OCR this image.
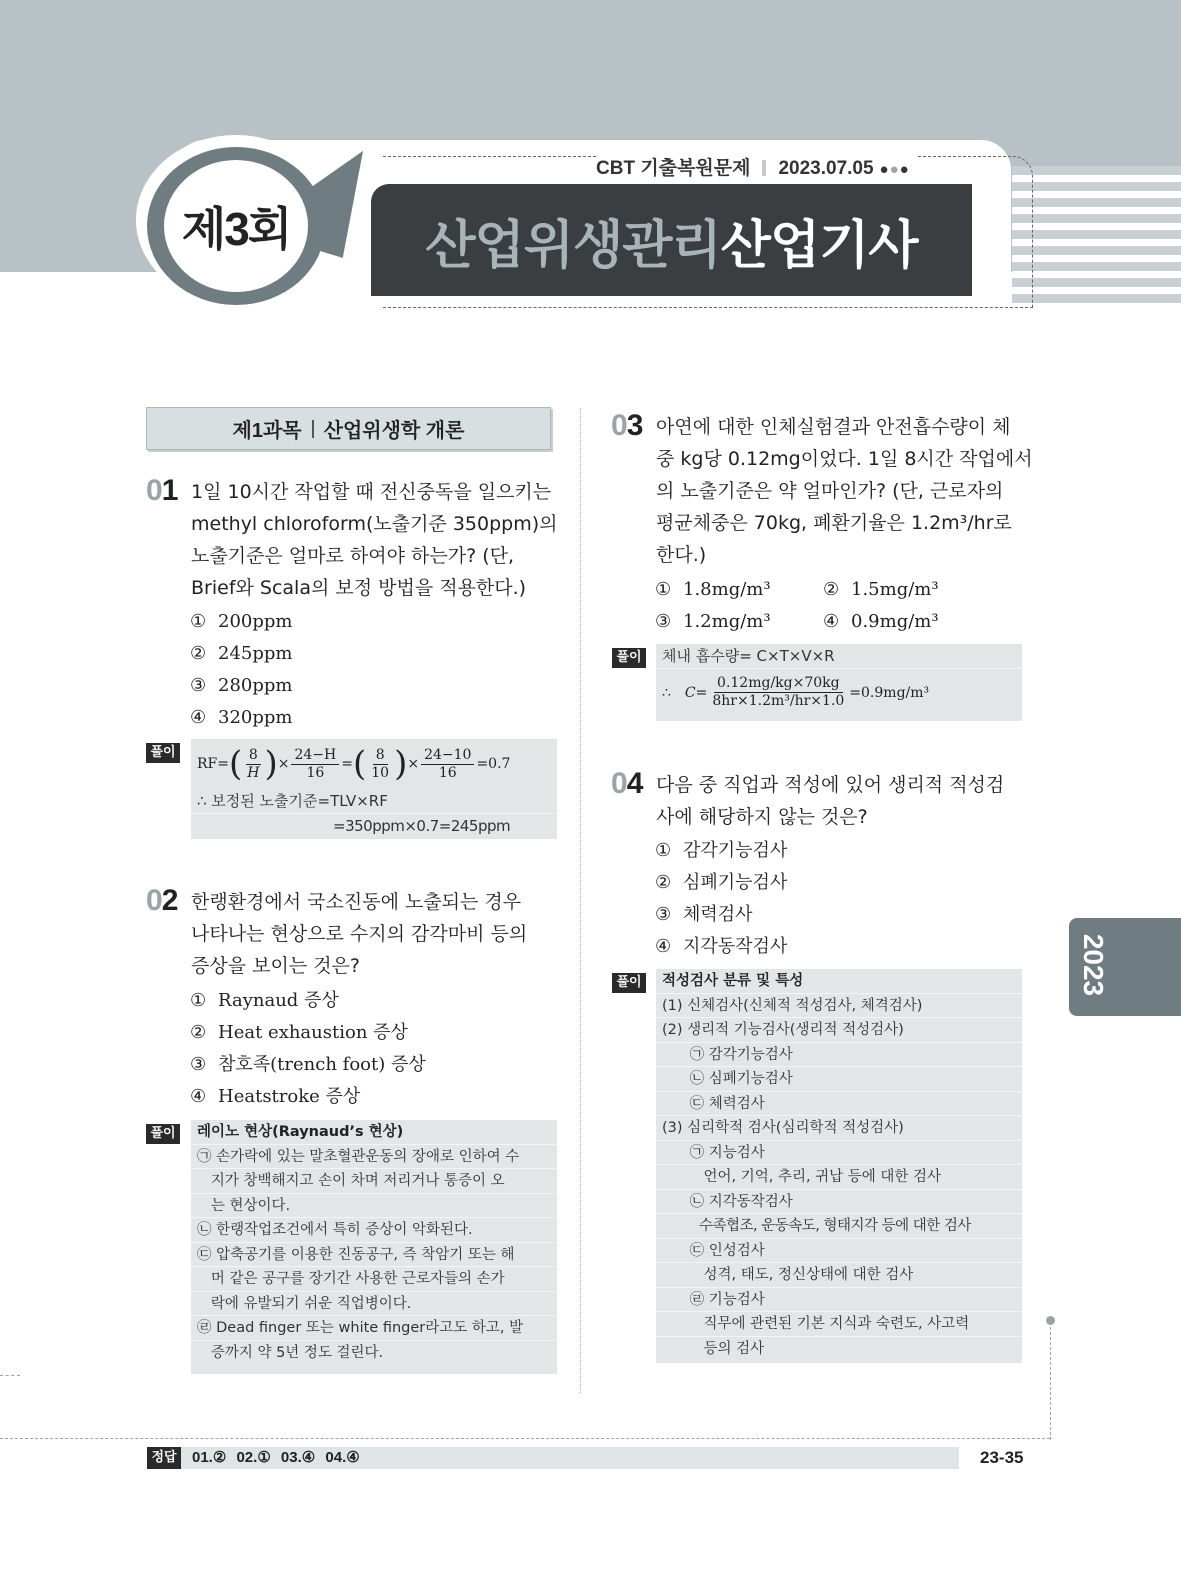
CBT 기출복원문제 2023.07.05 ●●●
제3회	산업위생관리 산업기사
제1과목 산업위생학 개론
01 1일 10시간 작업할 때 전신중독을 일으키는
methyl chloroform(노출기준 350ppm)의
노출기준은 얼마로 하여야 하는가? (단,
Brief와 Scala의 보정 방법을 적용한다.)
① 200ppm
② 245ppm
③ 280ppm
④ 320ppm
풀이
RF= ( $\frac{8}{H}$ ) × $\frac{24-H}{16}$ = ( $\frac{8}{10}$ ) × $\frac{24-10}{16} =0.7$
∴ 보정된 노출기준=TLV×RF
=350ppm×0.7=245ppm
02 한랭환경에서 국소진동에 노출되는 경우
나타나는 현상으로 수지의 감각마비 등의
증상을 보이는 것은?
① Raynaud 증상
② Heat exhaustion 증상
③ 참호족(trench foot) 증상
④ Heatstroke 증상
풀이	레이노 현상(Raynaud’s 현상)
㉠ 손가락에 있는 말초혈관운동의 장애로 인하여 수
지가 창백해지고 손이 차며 저리거나 통증이 오
는 현상이다.
㉡ 한랭작업조건에서 특히 증상이 악화된다.
㉢ 압축공기를 이용한 진동공구, 즉 착암기 또는 해
머 같은 공구를 장기간 사용한 근로자들의 손가
락에 유발되기 쉬운 직업병이다.
㉣ Dead finger 또는 white finger라고도 하고, 발
증까지 약 5년 정도 걸린다.
03 아연에 대한 인체실험결과 안전흡수량이 체
중 kg당 0.12mg이었다. 1일 8시간 작업에서
의 노출기준은 약 얼마인가? (단, 근로자의
평균체중은 70kg, 폐환기율은 1.2m³/hr로
한다.)
① 1.8mg/m³	② 1.5mg/m³
③ 1.2mg/m³	④ 0.9mg/m³
풀이	체내 흡수량= C×T×V×R
∴ $C= \frac{0.12mg/kg\times 70kg}{\text{8hr×1.2m³/hr×1.0}} =0.9mg/m^3$
04 다음 중 직업과 적성에 있어 생리적 적성검
사에 해당하지 않는 것은?
① 감각기능검사
② 심폐기능검사
③ 체력검사
④ 지각동작검사
풀이	적성검사 분류 및 특성
(1) 신체검사(신체적 적성검사, 체격검사)
(2) 생리적 기능검사(생리적 적성검사)
㉠ 감각기능검사
㉡ 심폐기능검사
㉢ 체력검사
(3) 심리학적 검사(심리학적 적성검사)
㉠ 지능검사
언어, 기억, 추리, 귀납 등에 대한 검사
㉡ 지각동작검사
수족협조, 운동속도, 형태지각 등에 대한 검사
㉢ 인성검사
성격, 태도, 정신상태에 대한 검사
㉣ 기능검사
직무에 관련된 기본 지식과 숙련도, 사고력
등의 검사
2023
정답 01.② 02.① 03.④ 04.④	23-35
